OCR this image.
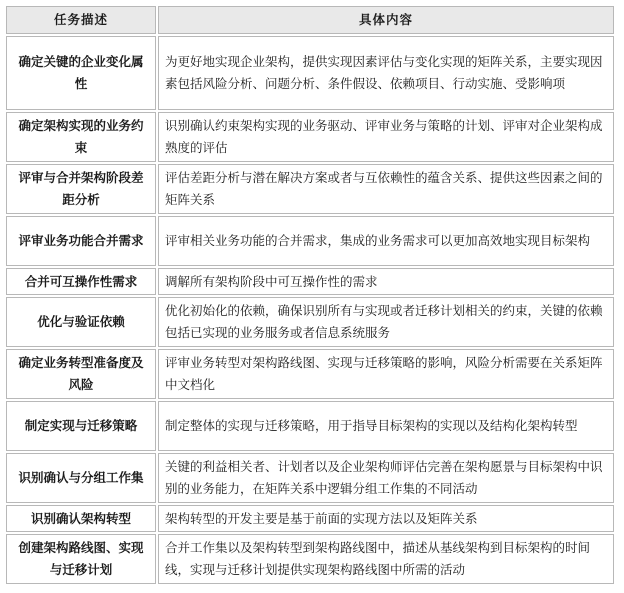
任务描述	具体内容
确定关键的企业变化属性	为更好地实现企业架构，提供实现因素评估与变化实现的矩阵关系，主要实现因素包括风险分析、问题分析、条件假设、依赖项目、行动实施、受影响项
确定架构实现的业务约束	识别确认约束架构实现的业务驱动、评审业务与策略的计划、评审对企业架构成熟度的评估
评审与合并架构阶段差距分析	评估差距分析与潜在解决方案或者与互依赖性的蕴含关系、提供这些因素之间的矩阵关系
评审业务功能合并需求	评审相关业务功能的合并需求，集成的业务需求可以更加高效地实现目标架构
合并可互操作性需求	调解所有架构阶段中可互操作性的需求
优化与验证依赖	优化初始化的依赖，确保识别所有与实现或者迁移计划相关的约束，关键的依赖包括已实现的业务服务或者信息系统服务
确定业务转型准备度及风险	评审业务转型对架构路线图、实现与迁移策略的影响，风险分析需要在关系矩阵中文档化
制定实现与迁移策略	制定整体的实现与迁移策略，用于指导目标架构的实现以及结构化架构转型
识别确认与分组工作集	关键的利益相关者、计划者以及企业架构师评估完善在架构愿景与目标架构中识别的业务能力，在矩阵关系中逻辑分组工作集的不同活动
识别确认架构转型	架构转型的开发主要是基于前面的实现方法以及矩阵关系
创建架构路线图、实现与迁移计划	合并工作集以及架构转型到架构路线图中，描述从基线架构到目标架构的时间线，实现与迁移计划提供实现架构路线图中所需的活动
